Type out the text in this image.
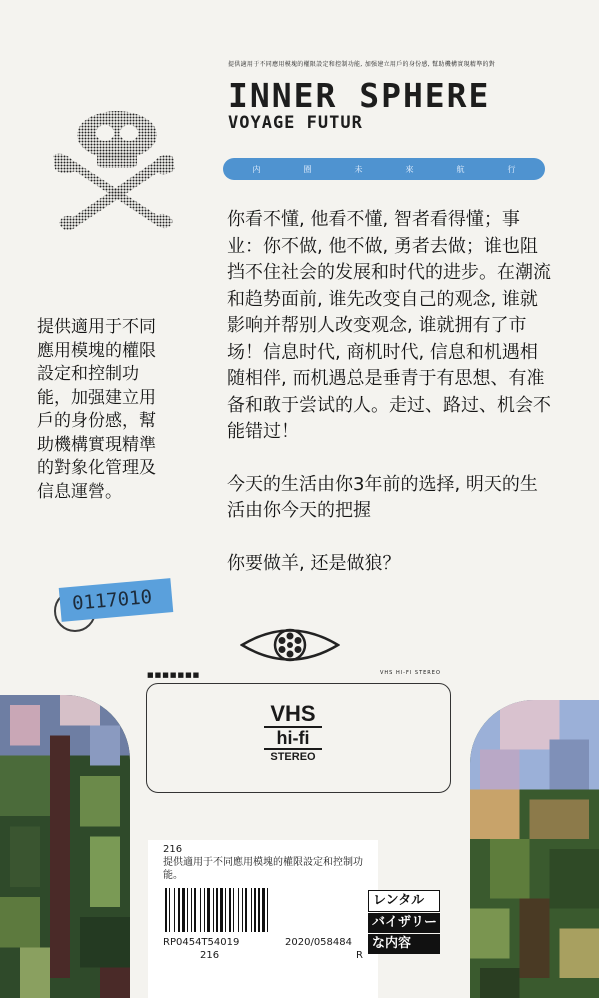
提供適用于不同應用模塊的權限設定和控制功能, 加强建立用戶的身份感, 幫助機構實現精準的對
INNER SPHERE
VOYAGE FUTUR
内	圈	未	來	航	行

你看不懂, 他看不懂, 智者看得懂；事业：你不做, 他不做, 勇者去做；谁也阻挡不住社会的发展和时代的进步。在潮流和趋势面前, 谁先改变自己的观念, 谁就影响并帮别人改变观念, 谁就拥有了市场！信息时代, 商机时代, 信息和机遇相随相伴, 而机遇总是垂青于有思想、有准备和敢于尝试的人。走过、路过、机会不能错过！

今天的生活由你3年前的选择, 明天的生活由你今天的把握

你要做羊, 还是做狼？

提供適用于不同應用模塊的權限設定和控制功能，加强建立用戶的身份感，幫助機構實現精準的對象化管理及信息運營。
0117010
■■■■■■■	VHS HI-FI STEREO
VHS
hi-fi
STEREO
216
提供適用于不同應用模塊的權限設定和控制功能。
RP0454T54019	2020/058484
216	R
レンタル
バイザリー
な内容
